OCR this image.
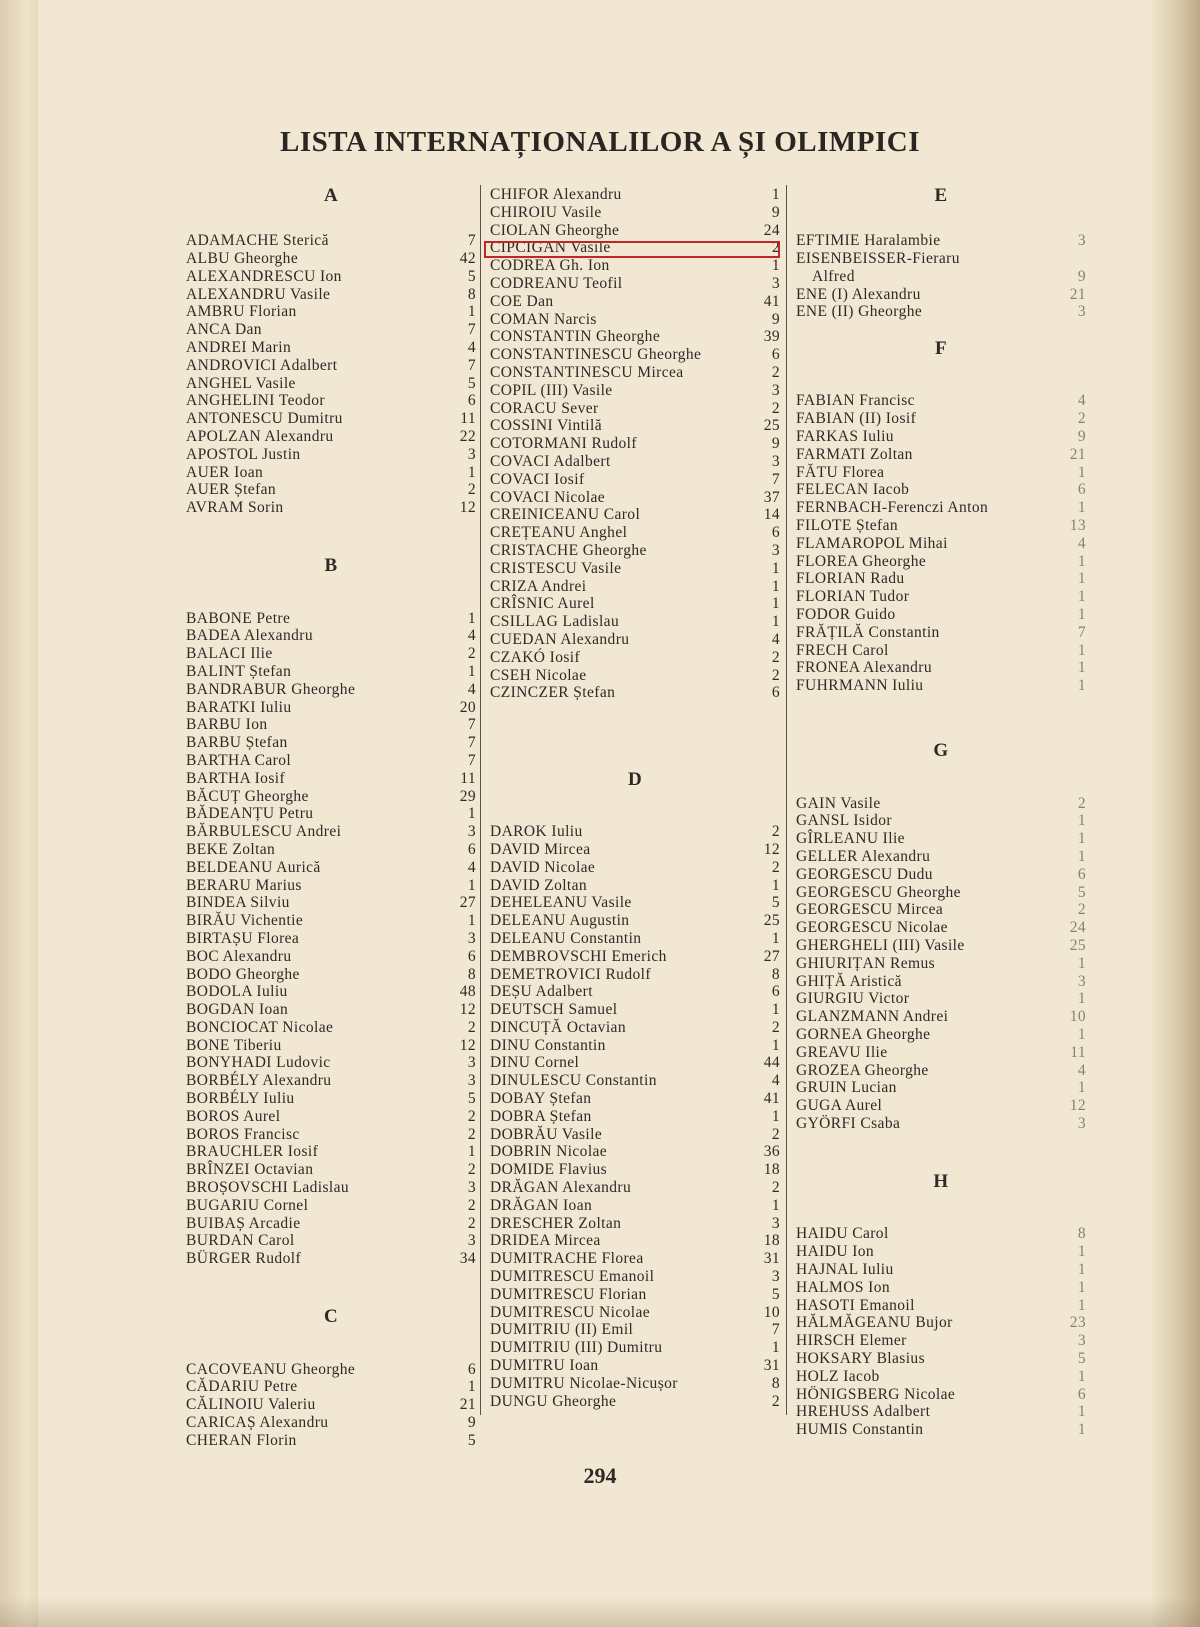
LISTA INTERNAȚIONALILOR A ȘI OLIMPICI
A
ADAMACHE Sterică	7
ALBU Gheorghe	42
ALEXANDRESCU Ion	5
ALEXANDRU Vasile	8
AMBRU Florian	1
ANCA Dan	7
ANDREI Marin	4
ANDROVICI Adalbert	7
ANGHEL Vasile	5
ANGHELINI Teodor	6
ANTONESCU Dumitru	11
APOLZAN Alexandru	22
APOSTOL Justin	3
AUER Ioan	1
AUER Ștefan	2
AVRAM Sorin	12
B
BABONE Petre	1
BADEA Alexandru	4
BALACI Ilie	2
BALINT Ștefan	1
BANDRABUR Gheorghe	4
BARATKI Iuliu	20
BARBU Ion	7
BARBU Ștefan	7
BARTHA Carol	7
BARTHA Iosif	11
BĂCUȚ Gheorghe	29
BĂDEANȚU Petru	1
BĂRBULESCU Andrei	3
BEKE Zoltan	6
BELDEANU Aurică	4
BERARU Marius	1
BINDEA Silviu	27
BIRĂU Vichentie	1
BIRTAȘU Florea	3
BOC Alexandru	6
BODO Gheorghe	8
BODOLA Iuliu	48
BOGDAN Ioan	12
BONCIOCAT Nicolae	2
BONE Tiberiu	12
BONYHADI Ludovic	3
BORBÉLY Alexandru	3
BORBÉLY Iuliu	5
BOROS Aurel	2
BOROS Francisc	2
BRAUCHLER Iosif	1
BRÎNZEI Octavian	2
BROȘOVSCHI Ladislau	3
BUGARIU Cornel	2
BUIBAȘ Arcadie	2
BURDAN Carol	3
BÜRGER Rudolf	34
C
CACOVEANU Gheorghe	6
CĂDARIU Petre	1
CĂLINOIU Valeriu	21
CARICAȘ Alexandru	9
CHERAN Florin	5
CHIFOR Alexandru	1
CHIROIU Vasile	9
CIOLAN Gheorghe	24
CIPCIGAN Vasile	2
CODREA Gh. Ion	1
CODREANU Teofil	3
COE Dan	41
COMAN Narcis	9
CONSTANTIN Gheorghe	39
CONSTANTINESCU Gheorghe	6
CONSTANTINESCU Mircea	2
COPIL (III) Vasile	3
CORACU Sever	2
COSSINI Vintilă	25
COTORMANI Rudolf	9
COVACI Adalbert	3
COVACI Iosif	7
COVACI Nicolae	37
CREINICEANU Carol	14
CREȚEANU Anghel	6
CRISTACHE Gheorghe	3
CRISTESCU Vasile	1
CRIZA Andrei	1
CRÎSNIC Aurel	1
CSILLAG Ladislau	1
CUEDAN Alexandru	4
CZAKÓ Iosif	2
CSEH Nicolae	2
CZINCZER Ștefan	6
D
DAROK Iuliu	2
DAVID Mircea	12
DAVID Nicolae	2
DAVID Zoltan	1
DEHELEANU Vasile	5
DELEANU Augustin	25
DELEANU Constantin	1
DEMBROVSCHI Emerich	27
DEMETROVICI Rudolf	8
DEȘU Adalbert	6
DEUTSCH Samuel	1
DINCUȚĂ Octavian	2
DINU Constantin	1
DINU Cornel	44
DINULESCU Constantin	4
DOBAY Ștefan	41
DOBRA Ștefan	1
DOBRĂU Vasile	2
DOBRIN Nicolae	36
DOMIDE Flavius	18
DRĂGAN Alexandru	2
DRĂGAN Ioan	1
DRESCHER Zoltan	3
DRIDEA Mircea	18
DUMITRACHE Florea	31
DUMITRESCU Emanoil	3
DUMITRESCU Florian	5
DUMITRESCU Nicolae	10
DUMITRIU (II) Emil	7
DUMITRIU (III) Dumitru	1
DUMITRU Ioan	31
DUMITRU Nicolae-Nicușor	8
DUNGU Gheorghe	2
E
EFTIMIE Haralambie	3
EISENBEISSER-Fieraru
Alfred	9
ENE (I) Alexandru	21
ENE (II) Gheorghe	3
F
FABIAN Francisc	4
FABIAN (II) Iosif	2
FARKAS Iuliu	9
FARMATI Zoltan	21
FĂTU Florea	1
FELECAN Iacob	6
FERNBACH-Ferenczi Anton	1
FILOTE Ștefan	13
FLAMAROPOL Mihai	4
FLOREA Gheorghe	1
FLORIAN Radu	1
FLORIAN Tudor	1
FODOR Guido	1
FRĂȚILĂ Constantin	7
FRECH Carol	1
FRONEA Alexandru	1
FUHRMANN Iuliu	1
G
GAIN Vasile	2
GANSL Isidor	1
GÎRLEANU Ilie	1
GELLER Alexandru	1
GEORGESCU Dudu	6
GEORGESCU Gheorghe	5
GEORGESCU Mircea	2
GEORGESCU Nicolae	24
GHERGHELI (III) Vasile	25
GHIURIȚAN Remus	1
GHIȚĂ Aristică	3
GIURGIU Victor	1
GLANZMANN Andrei	10
GORNEA Gheorghe	1
GREAVU Ilie	11
GROZEA Gheorghe	4
GRUIN Lucian	1
GUGA Aurel	12
GYÖRFI Csaba	3
H
HAIDU Carol	8
HAIDU Ion	1
HAJNAL Iuliu	1
HALMOS Ion	1
HASOTI Emanoil	1
HĂLMĂGEANU Bujor	23
HIRSCH Elemer	3
HOKSARY Blasius	5
HOLZ Iacob	1
HÖNIGSBERG Nicolae	6
HREHUSS Adalbert	1
HUMIS Constantin	1
294
